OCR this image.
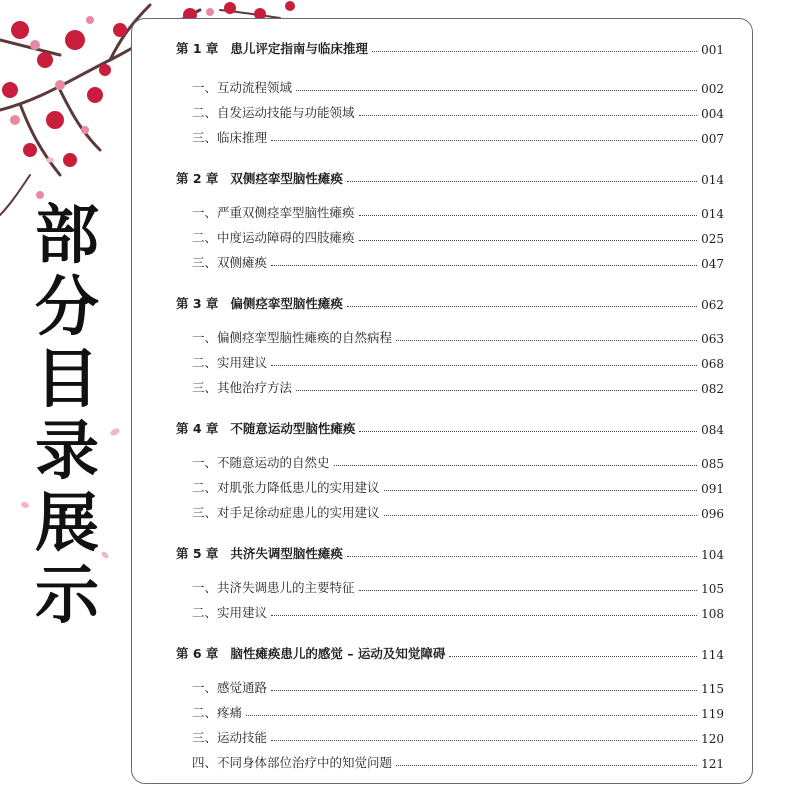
部
分
目
录
展
示
第 1 章 患儿评定指南与临床推理	001
一、互动流程领域	002
二、自发运动技能与功能领域	004
三、临床推理	007
第 2 章 双侧痉挛型脑性瘫痪	014
一、严重双侧痉挛型脑性瘫痪	014
二、中度运动障碍的四肢瘫痪	025
三、双侧瘫痪	047
第 3 章 偏侧痉挛型脑性瘫痪	062
一、偏侧痉挛型脑性瘫痪的自然病程	063
二、实用建议	068
三、其他治疗方法	082
第 4 章 不随意运动型脑性瘫痪	084
一、不随意运动的自然史	085
二、对肌张力降低患儿的实用建议	091
三、对手足徐动症患儿的实用建议	096
第 5 章 共济失调型脑性瘫痪	104
一、共济失调患儿的主要特征	105
二、实用建议	108
第 6 章 脑性瘫痪患儿的感觉 – 运动及知觉障碍	114
一、感觉通路	115
二、疼痛	119
三、运动技能	120
四、不同身体部位治疗中的知觉问题	121
